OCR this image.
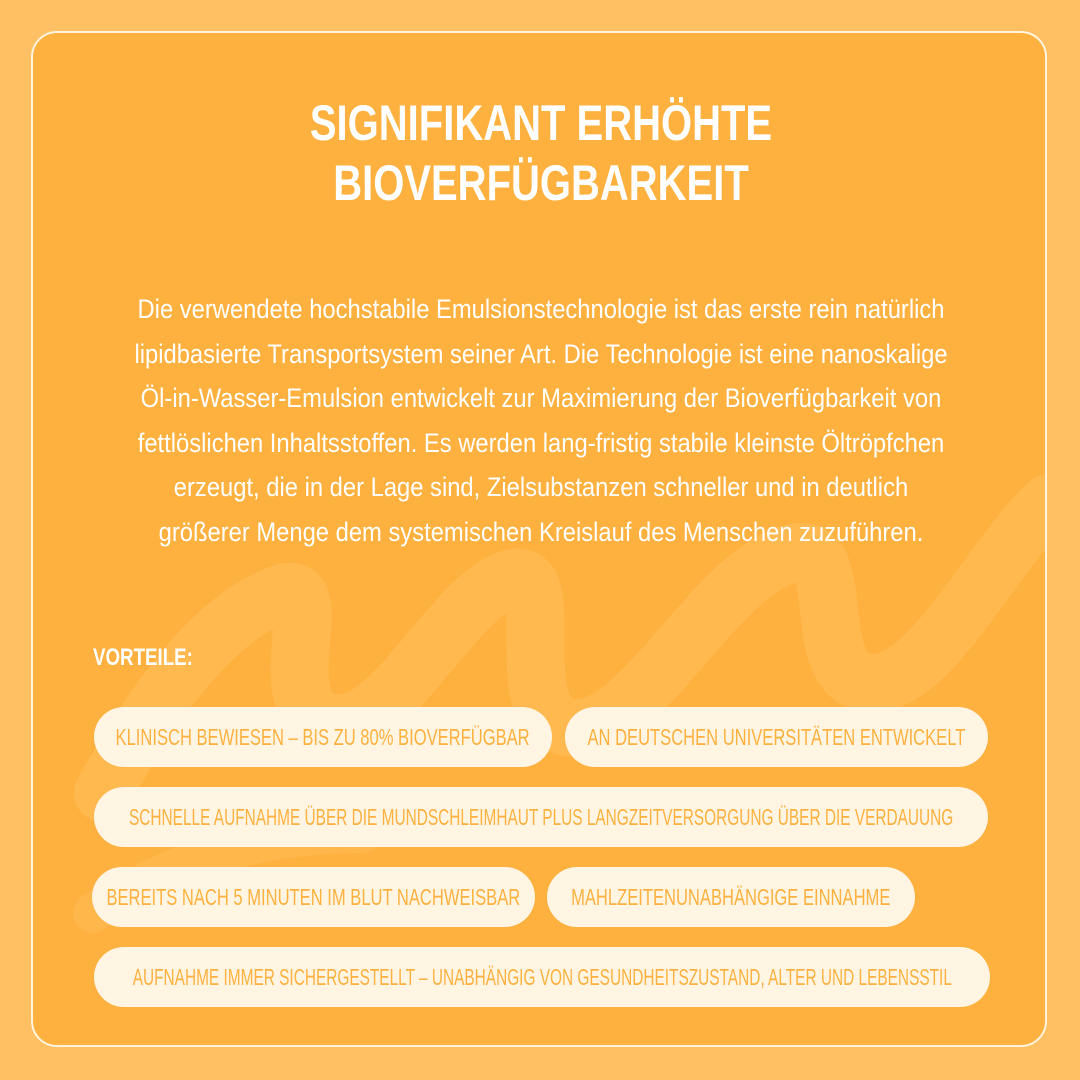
SIGNIFIKANT ERHÖHTE
BIOVERFÜGBARKEIT

Die verwendete hochstabile Emulsionstechnologie ist das erste rein natürlich lipidbasierte Transportsystem seiner Art. Die Technologie ist eine nanoskalige Öl-in-Wasser-Emulsion entwickelt zur Maximierung der Bioverfügbarkeit von fettlöslichen Inhaltsstoffen. Es werden lang-fristig stabile kleinste Öltröpfchen erzeugt, die in der Lage sind, Zielsubstanzen schneller und in deutlich größerer Menge dem systemischen Kreislauf des Menschen zuzuführen.

VORTEILE:
KLINISCH BEWIESEN – BIS ZU 80% BIOVERFÜGBAR	AN DEUTSCHEN UNIVERSITÄTEN ENTWICKELT
SCHNELLE AUFNAHME ÜBER DIE MUNDSCHLEIMHAUT PLUS LANGZEITVERSORGUNG ÜBER DIE VERDAUUNG
BEREITS NACH 5 MINUTEN IM BLUT NACHWEISBAR MAHLZEITENUNABHÄNGIGE EINNAHME
AUFNAHME IMMER SICHERGESTELLT – UNABHÄNGIG VON GESUNDHEITSZUSTAND, ALTER UND LEBENSSTIL
